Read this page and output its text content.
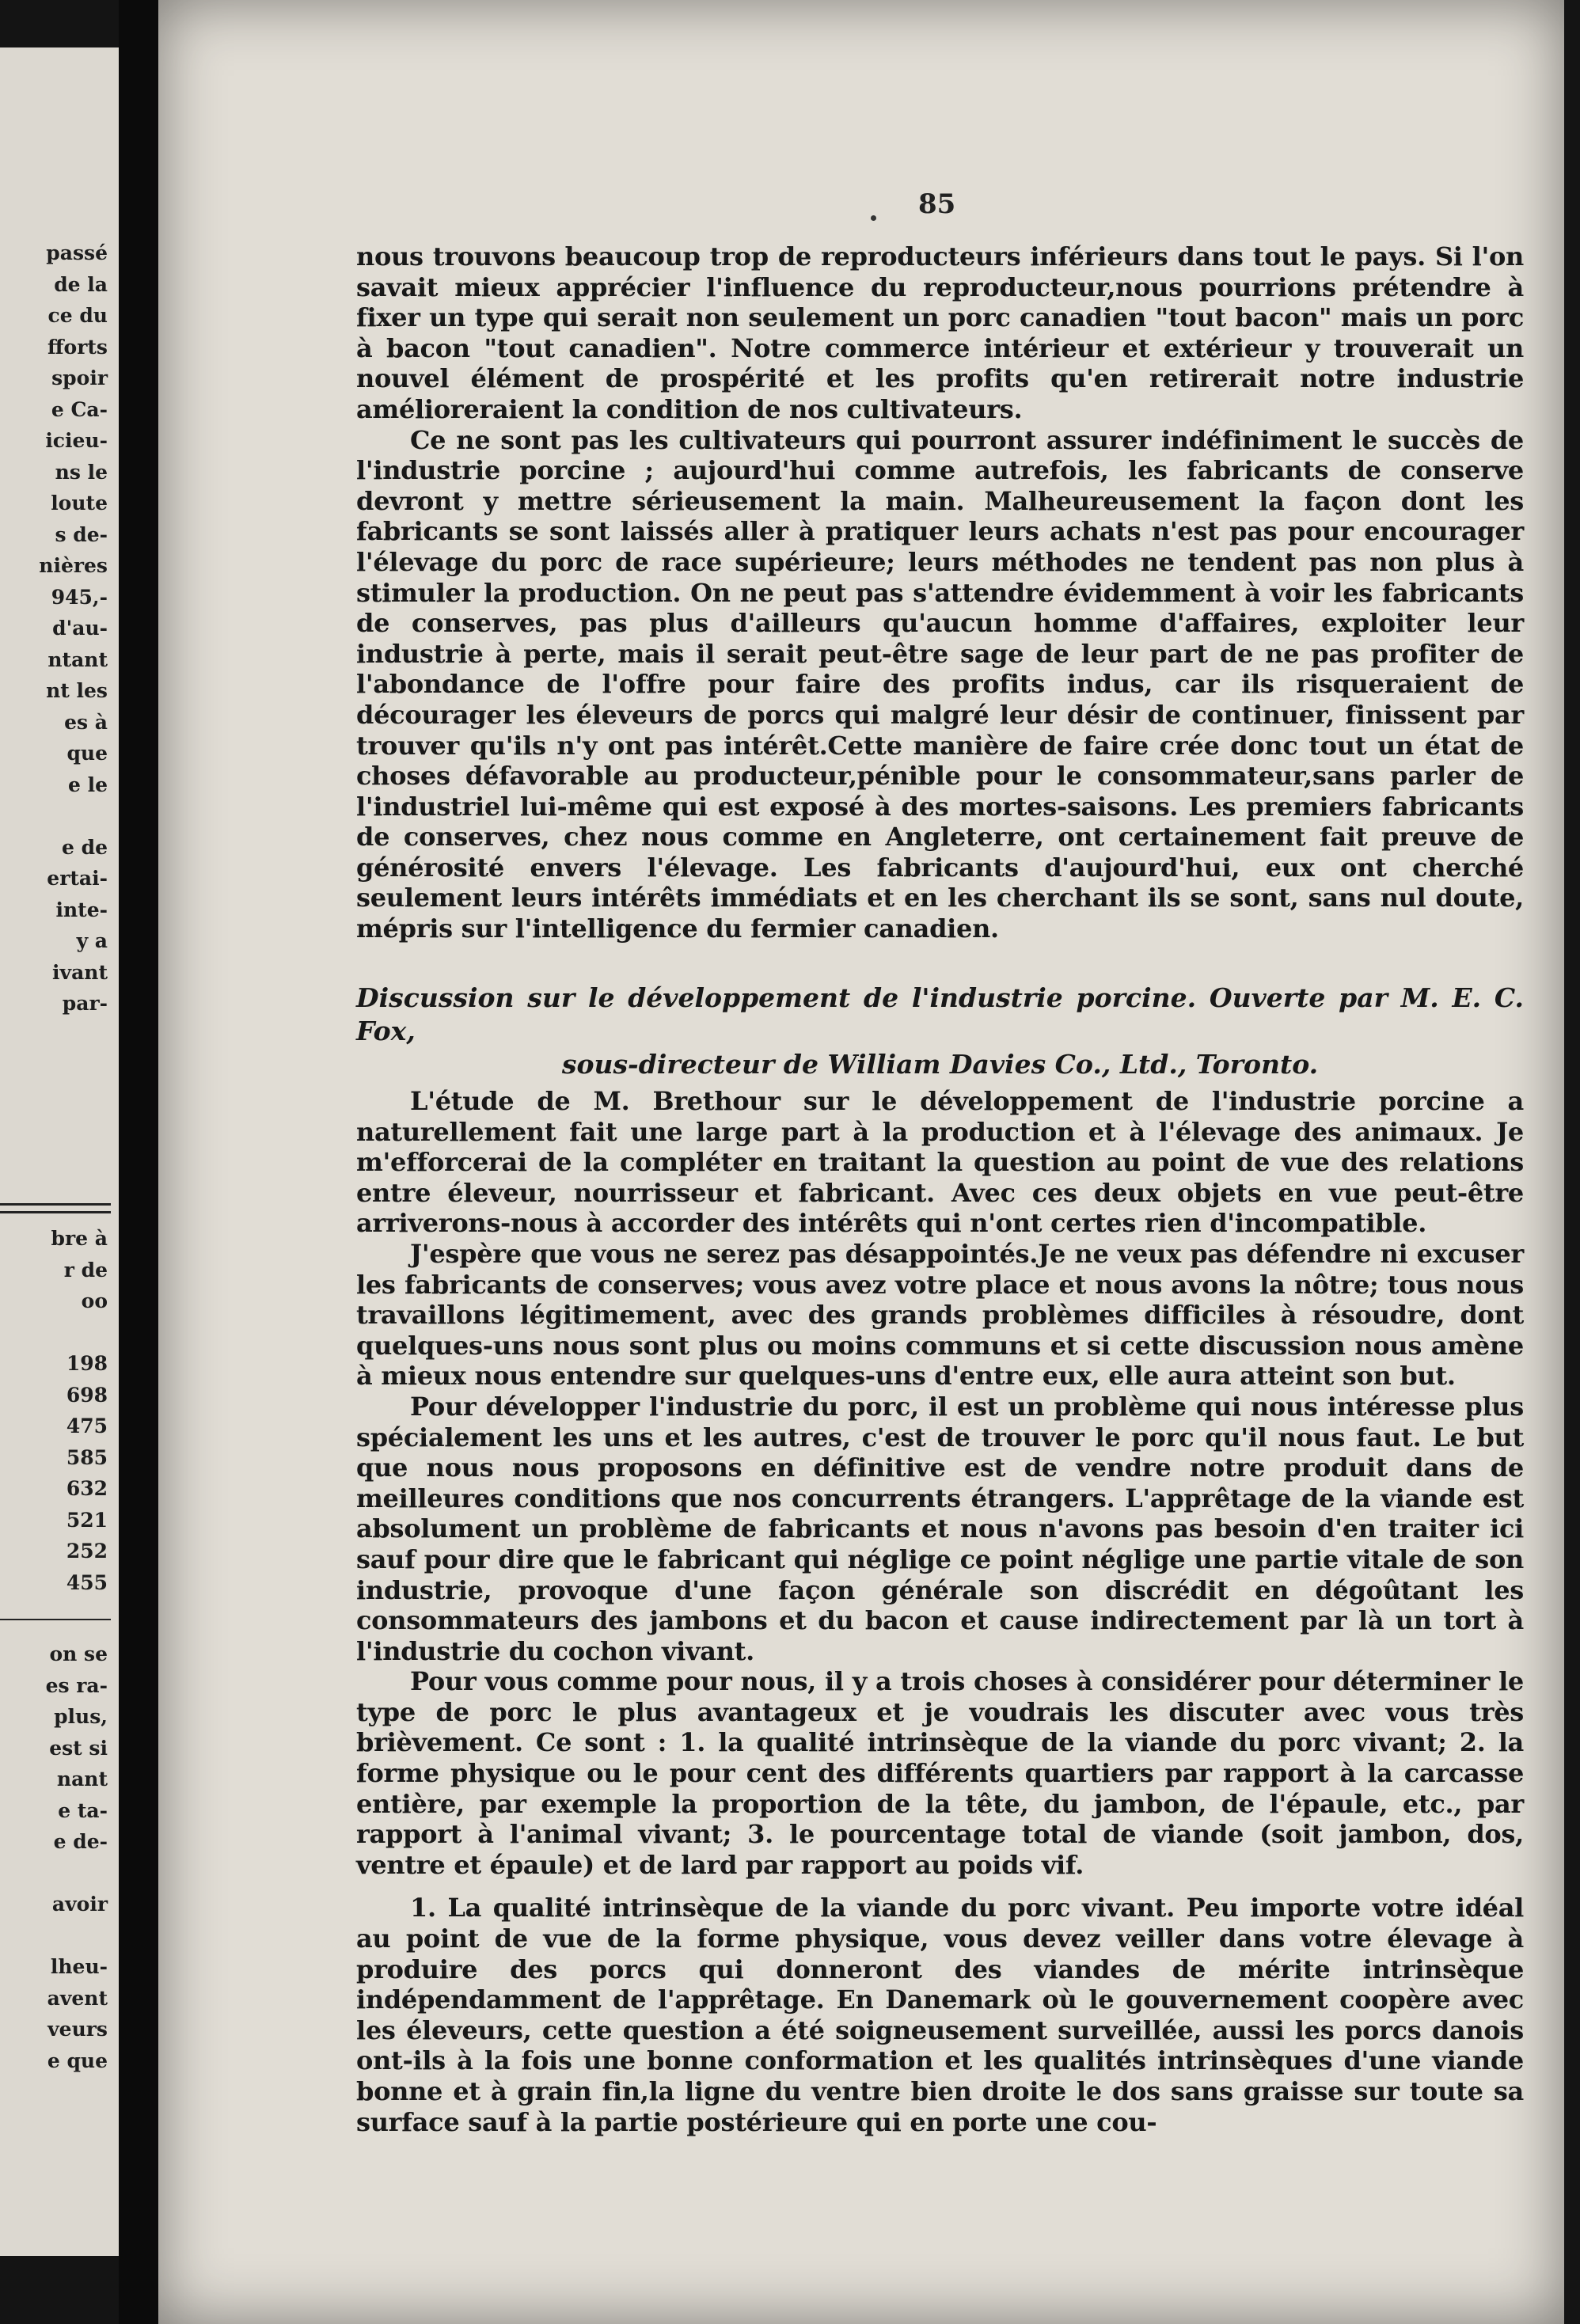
passé
de la
ce du
fforts
spoir
e Ca-
icieu-
ns le
loute
s de-
nières
945,-
d'au-
ntant
nt les
es à
que
e le

e de
ertai-
inte-
y a
ivant
par-
bre à
r de
oo

198
698
475
585
632
521
252
455
on se
es ra-
plus,
est si
nant
e ta-
e de-

avoir

lheu-
avent
veurs
e que
85

nous trouvons beaucoup trop de reproducteurs inférieurs dans tout le pays. Si l'on savait mieux apprécier l'influence du reproducteur,nous pourrions prétendre à fixer un type qui serait non seulement un porc canadien "tout bacon" mais un porc à bacon "tout canadien". Notre commerce intérieur et extérieur y trouverait un nouvel élément de prospérité et les profits qu'en retirerait notre industrie amélioreraient la condition de nos cultivateurs.

Ce ne sont pas les cultivateurs qui pourront assurer indéfiniment le succès de l'industrie porcine ; aujourd'hui comme autrefois, les fabricants de conserve devront y mettre sérieusement la main. Malheureusement la façon dont les fabricants se sont laissés aller à pratiquer leurs achats n'est pas pour encourager l'élevage du porc de race supérieure; leurs méthodes ne tendent pas non plus à stimuler la production. On ne peut pas s'attendre évidemment à voir les fabricants de conserves, pas plus d'ailleurs qu'aucun homme d'affaires, exploiter leur industrie à perte, mais il serait peut-être sage de leur part de ne pas profiter de l'abondance de l'offre pour faire des profits indus, car ils risqueraient de décourager les éleveurs de porcs qui malgré leur désir de continuer, finissent par trouver qu'ils n'y ont pas intérêt.Cette manière de faire crée donc tout un état de choses défavorable au producteur,pénible pour le consommateur,sans parler de l'industriel lui-même qui est exposé à des mortes-saisons. Les premiers fabricants de conserves, chez nous comme en Angleterre, ont certainement fait preuve de générosité envers l'élevage. Les fabricants d'aujourd'hui, eux ont cherché seulement leurs intérêts immédiats et en les cherchant ils se sont, sans nul doute, mépris sur l'intelligence du fermier canadien.

Discussion sur le développement de l'industrie porcine. Ouverte par M. E. C. Fox,
sous-directeur de William Davies Co., Ltd., Toronto.

L'étude de M. Brethour sur le développement de l'industrie porcine a naturellement fait une large part à la production et à l'élevage des animaux. Je m'efforcerai de la compléter en traitant la question au point de vue des relations entre éleveur, nourrisseur et fabricant. Avec ces deux objets en vue peut-être arriverons-nous à accorder des intérêts qui n'ont certes rien d'incompatible.

J'espère que vous ne serez pas désappointés.Je ne veux pas défendre ni excuser les fabricants de conserves; vous avez votre place et nous avons la nôtre; tous nous travaillons légitimement, avec des grands problèmes difficiles à résoudre, dont quelques-uns nous sont plus ou moins communs et si cette discussion nous amène à mieux nous entendre sur quelques-uns d'entre eux, elle aura atteint son but.

Pour développer l'industrie du porc, il est un problème qui nous intéresse plus spécialement les uns et les autres, c'est de trouver le porc qu'il nous faut. Le but que nous nous proposons en définitive est de vendre notre produit dans de meilleures conditions que nos concurrents étrangers. L'apprêtage de la viande est absolument un problème de fabricants et nous n'avons pas besoin d'en traiter ici sauf pour dire que le fabricant qui néglige ce point néglige une partie vitale de son industrie, provoque d'une façon générale son discrédit en dégoûtant les consommateurs des jambons et du bacon et cause indirectement par là un tort à l'industrie du cochon vivant.

Pour vous comme pour nous, il y a trois choses à considérer pour déterminer le type de porc le plus avantageux et je voudrais les discuter avec vous très brièvement. Ce sont : 1. la qualité intrinsèque de la viande du porc vivant; 2. la forme physique ou le pour cent des différents quartiers par rapport à la carcasse entière, par exemple la proportion de la tête, du jambon, de l'épaule, etc., par rapport à l'animal vivant; 3. le pourcentage total de viande (soit jambon, dos, ventre et épaule) et de lard par rapport au poids vif.

1. La qualité intrinsèque de la viande du porc vivant. Peu importe votre idéal au point de vue de la forme physique, vous devez veiller dans votre élevage à produire des porcs qui donneront des viandes de mérite intrinsèque indépendamment de l'apprêtage. En Danemark où le gouvernement coopère avec les éleveurs, cette question a été soigneusement surveillée, aussi les porcs danois ont-ils à la fois une bonne conformation et les qualités intrinsèques d'une viande bonne et à grain fin,la ligne du ventre bien droite le dos sans graisse sur toute sa surface sauf à la partie postérieure qui en porte une cou-
